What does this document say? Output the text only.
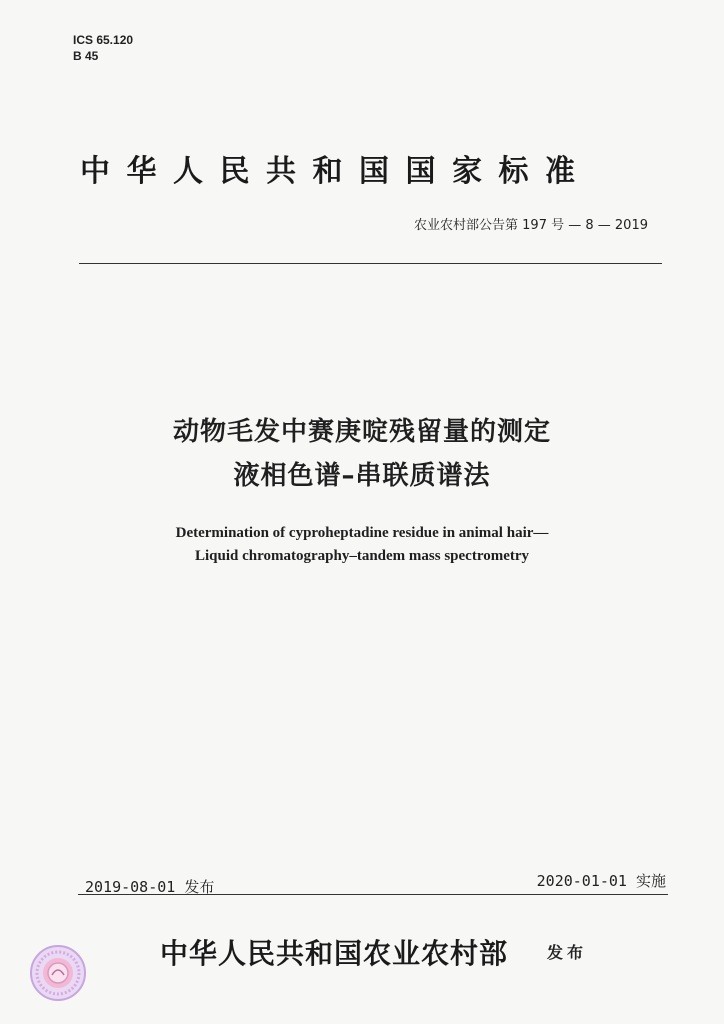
ICS 65.120
B 45
中华人民共和国国家标准
农业农村部公告第 197 号 — 8 — 2019
动物毛发中赛庚啶残留量的测定
液相色谱–串联质谱法
Determination of cyproheptadine residue in animal hair—
Liquid chromatography–tandem mass spectrometry
2019-08-01 发布	2020-01-01 实施
中华人民共和国农业农村部 发布
